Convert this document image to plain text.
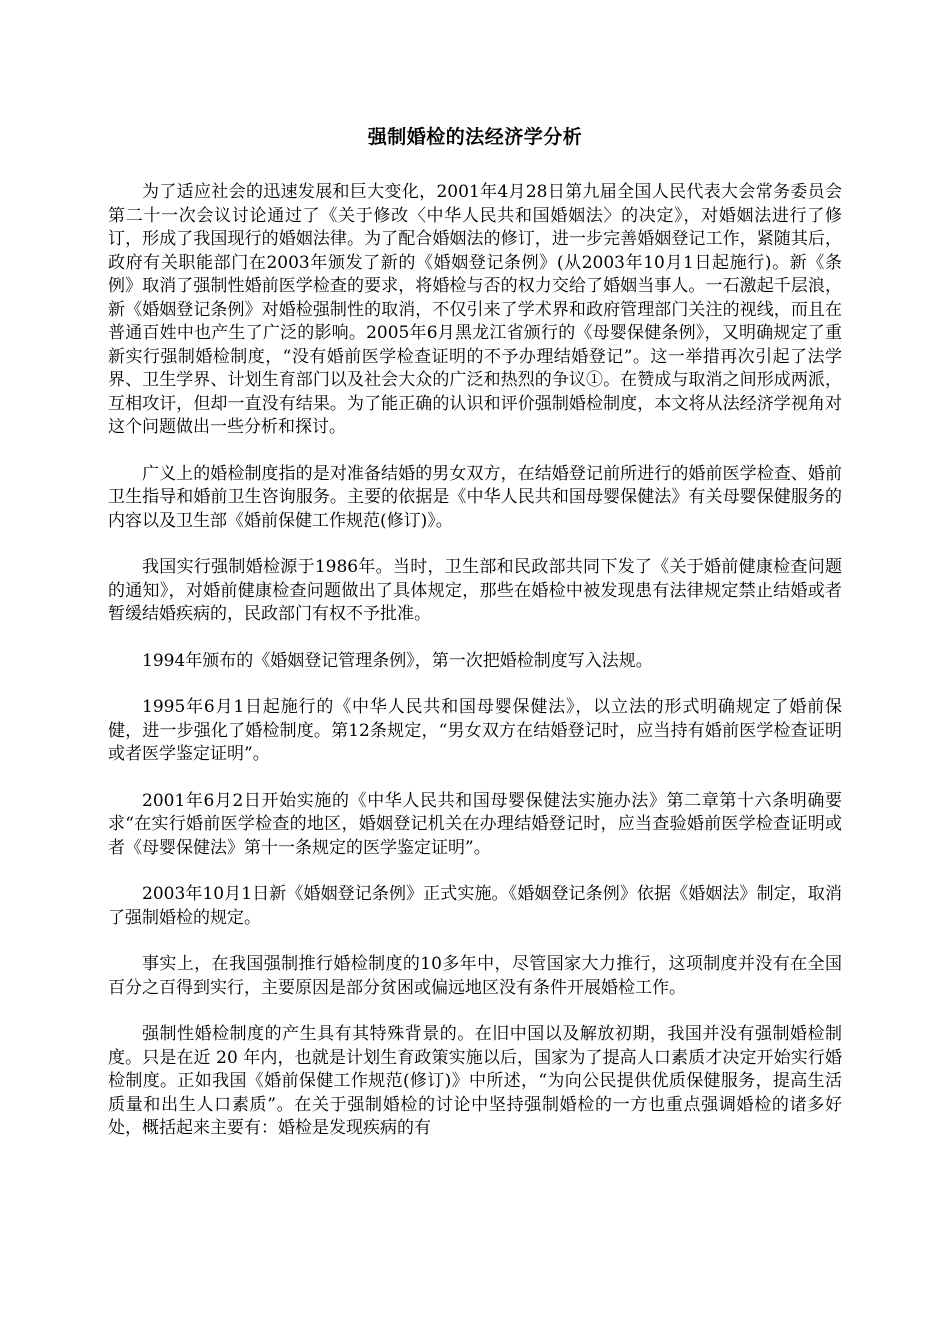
强制婚检的法经济学分析

为了适应社会的迅速发展和巨大变化，2001年4月28日第九届全国人民代表大会常务委员会第二十一次会议讨论通过了《关于修改〈中华人民共和国婚姻法〉的决定》，对婚姻法进行了修订，形成了我国现行的婚姻法律。为了配合婚姻法的修订，进一步完善婚姻登记工作，紧随其后，政府有关职能部门在2003年颁发了新的《婚姻登记条例》(从2003年10月1日起施行)。新《条例》取消了强制性婚前医学检查的要求，将婚检与否的权力交给了婚姻当事人。一石激起千层浪，新《婚姻登记条例》对婚检强制性的取消，不仅引来了学术界和政府管理部门关注的视线，而且在普通百姓中也产生了广泛的影响。2005年6月黑龙江省颁行的《母婴保健条例》，又明确规定了重新实行强制婚检制度，“没有婚前医学检查证明的不予办理结婚登记”。这一举措再次引起了法学界、卫生学界、计划生育部门以及社会大众的广泛和热烈的争议①。在赞成与取消之间形成两派，互相攻讦，但却一直没有结果。为了能正确的认识和评价强制婚检制度，本文将从法经济学视角对这个问题做出一些分析和探讨。

广义上的婚检制度指的是对准备结婚的男女双方，在结婚登记前所进行的婚前医学检查、婚前卫生指导和婚前卫生咨询服务。主要的依据是《中华人民共和国母婴保健法》有关母婴保健服务的内容以及卫生部《婚前保健工作规范(修订)》。

我国实行强制婚检源于1986年。当时，卫生部和民政部共同下发了《关于婚前健康检查问题的通知》，对婚前健康检查问题做出了具体规定，那些在婚检中被发现患有法律规定禁止结婚或者暂缓结婚疾病的，民政部门有权不予批准。

1994年颁布的《婚姻登记管理条例》，第一次把婚检制度写入法规。

1995年6月1日起施行的《中华人民共和国母婴保健法》，以立法的形式明确规定了婚前保健，进一步强化了婚检制度。第12条规定，“男女双方在结婚登记时，应当持有婚前医学检查证明或者医学鉴定证明”。

2001年6月2日开始实施的《中华人民共和国母婴保健法实施办法》第二章第十六条明确要求“在实行婚前医学检查的地区，婚姻登记机关在办理结婚登记时，应当查验婚前医学检查证明或者《母婴保健法》第十一条规定的医学鉴定证明”。

2003年10月1日新《婚姻登记条例》正式实施。《婚姻登记条例》依据《婚姻法》制定，取消了强制婚检的规定。

事实上，在我国强制推行婚检制度的10多年中，尽管国家大力推行，这项制度并没有在全国百分之百得到实行，主要原因是部分贫困或偏远地区没有条件开展婚检工作。

强制性婚检制度的产生具有其特殊背景的。在旧中国以及解放初期，我国并没有强制婚检制度。只是在近 20 年内，也就是计划生育政策实施以后，国家为了提高人口素质才决定开始实行婚检制度。正如我国《婚前保健工作规范(修订)》中所述，“为向公民提供优质保健服务，提高生活质量和出生人口素质”。在关于强制婚检的讨论中坚持强制婚检的一方也重点强调婚检的诸多好处，概括起来主要有：婚检是发现疾病的有
